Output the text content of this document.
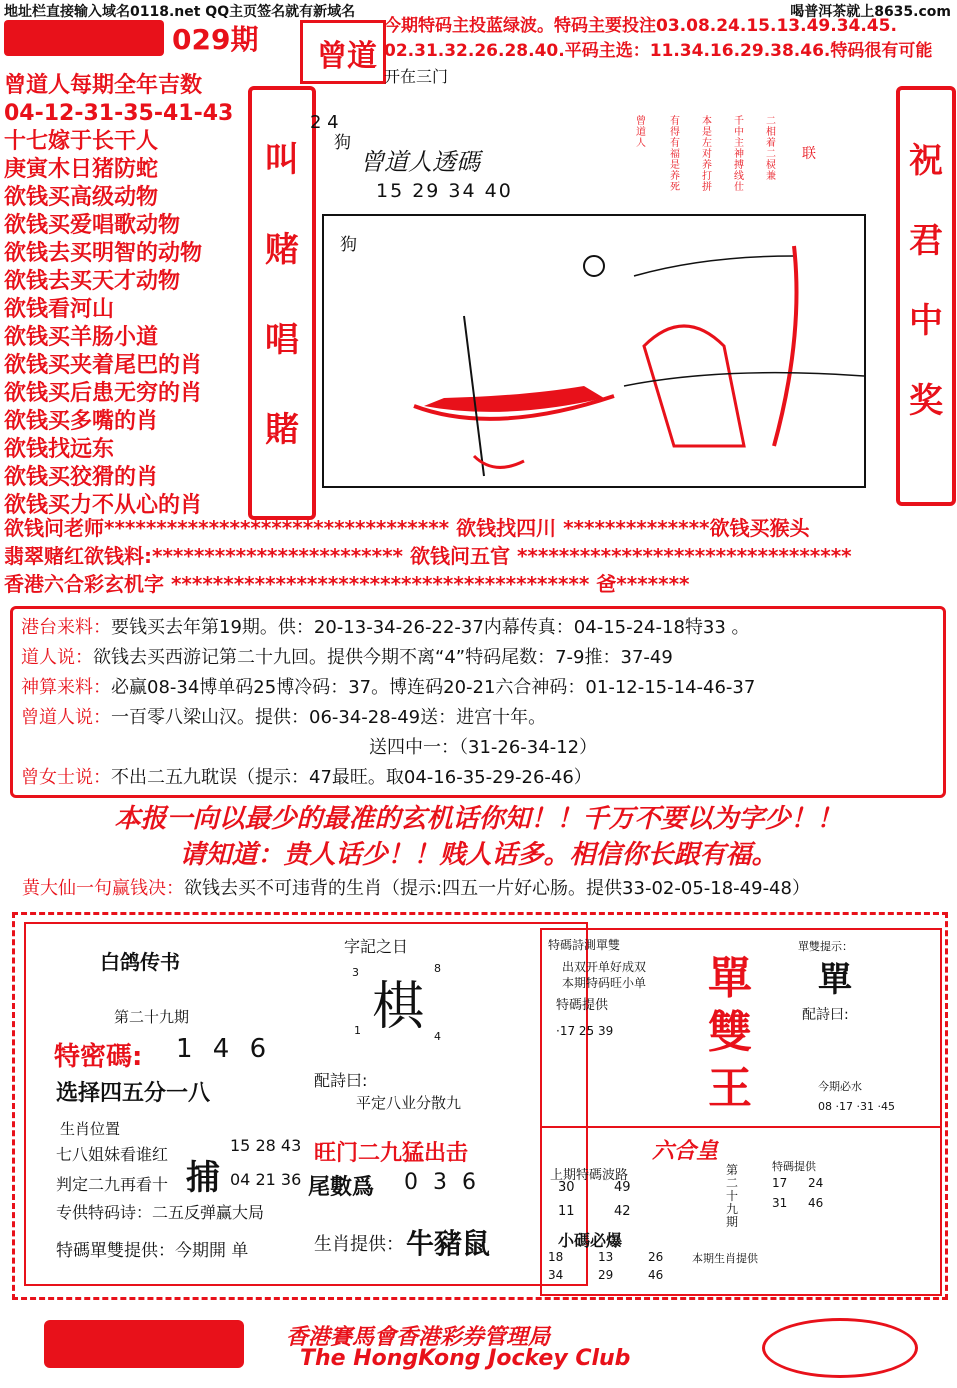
地址栏直接输入域名0118.net QQ主页签名就有新域名	喝普洱茶就上8635.com
029期 曾道
今期特码主投蓝绿波。特码主要投注03.08.24.15.13.49.34.45.
02.31.32.26.28.40.平码主选：11.34.16.29.38.46.特码很有可能
开在三门
曾道人每期全年吉数
04-12-31-35-41-43
十七嫁于长干人
庚寅木日猪防蛇
欲钱买高级动物
欲钱买爱唱歌动物
欲钱去买明智的动物
欲钱去买天才动物
欲钱看河山
欲钱买羊肠小道
欲钱买夹着尾巴的肖
欲钱买后患无穷的肖
欲钱买多嘴的肖
欲钱找远东
欲钱买狡猾的肖
欲钱买力不从心的肖
叫
赌
唱
賭
祝
君
中
奖
2 4
狗
曾道人透碼
15 29 34 40
曾道人
有得有福是养死
本是左对养打拼
千中主神搏线仕
二相着二棂兼
联
狗
欲钱问老师********************************* 欲钱找四川 **************欲钱买猴头
翡翠赌红欲钱料:************************ 欲钱问五官 ********************************
香港六合彩玄机字 **************************************** 爸*******
港台来料：要钱买去年第19期。供：20-13-34-26-22-37内幕传真：04-15-24-18特33 。
道人说：欲钱去买西游记第二十九回。提供今期不离“4”特码尾数：7-9推：37-49
神算来料：必赢08-34博单码25博冷码：37。博连码20-21六合神码：01-12-15-14-46-37
曾道人说：一百零八梁山汉。提供：06-34-28-49送：进宫十年。
送四中一：（31-26-34-12）
曾女士说：不出二五九耽误（提示：47最旺。取04-16-35-29-26-46）
本报一向以最少的最准的玄机话你知！！千万不要以为字少！！
请知道：贵人话少！！贱人话多。相信你长跟有福。
黄大仙一句赢钱决：欲钱去买不可违背的生肖（提示:四五一片好心肠。提供33-02-05-18-49-48）
白鸽传书
第二十九期
特密碼: 1 4 6
选择四五分一八
生肖位置
七八姐妹看谁红
判定二九再看十
专供特码诗：二五反弹赢大局
捕
15 28 43
04 21 36
特碼單雙提供：今期開 单
字記之日
棋
3	8
1	4
配詩曰:
平定八业分散九
旺门二九猛出击
尾數爲 0 3 6
生肖提供： 牛豬鼠
特碼詩測單雙
出双开单好成双
本期特码旺小单
特碼提供
·17 25 39
單
雙
王
單雙提示：
單
配詩曰:
今期必水
08 ·17 ·31 ·45
六合皇
上期特碼波路
30	49
11	42
小碼必爆
18	13	26
34	29	46
第二十九期
特碼提供
17 24
31 46
本期生肖提供
香港賽馬會香港彩券管理局
The HongKong Jockey Club
